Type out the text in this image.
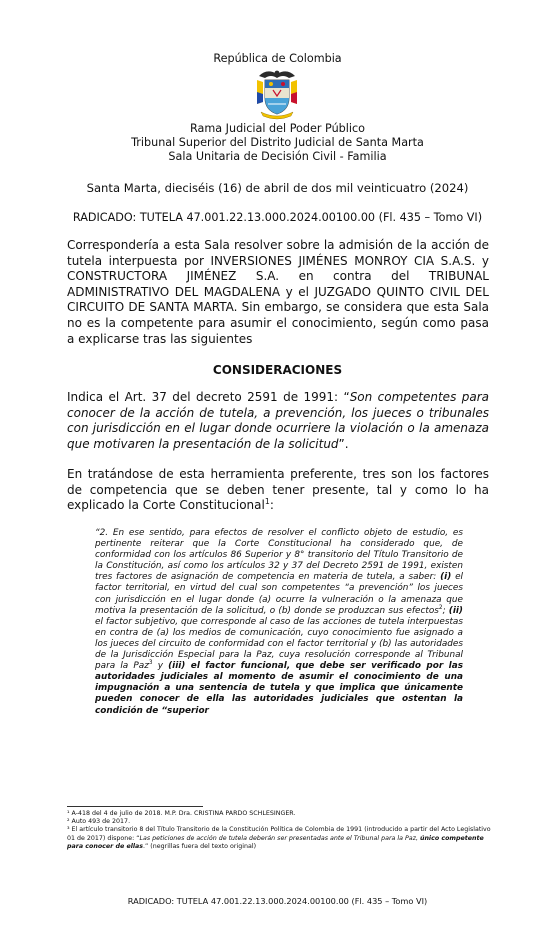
República de Colombia
Rama Judicial del Poder Público
Tribunal Superior del Distrito Judicial de Santa Marta
Sala Unitaria de Decisión Civil - Familia
Santa Marta, dieciséis (16) de abril de dos mil veinticuatro (2024)
RADICADO: TUTELA 47.001.22.13.000.2024.00100.00 (Fl. 435 – Tomo VI)
Correspondería a esta Sala resolver sobre la admisión de la acción de tutela interpuesta por INVERSIONES JIMÉNES MONROY CIA S.A.S. y CONSTRUCTORA JIMÉNEZ S.A. en contra del TRIBUNAL ADMINISTRATIVO DEL MAGDALENA y el JUZGADO QUINTO CIVIL DEL CIRCUITO DE SANTA MARTA. Sin embargo, se considera que esta Sala no es la competente para asumir el conocimiento, según como pasa a explicarse tras las siguientes
CONSIDERACIONES
Indica el Art. 37 del decreto 2591 de 1991: “Son competentes para conocer de la acción de tutela, a prevención, los jueces o tribunales con jurisdicción en el lugar donde ocurriere la violación o la amenaza que motivaren la presentación de la solicitud”.
En tratándose de esta herramienta preferente, tres son los factores de competencia que se deben tener presente, tal y como lo ha explicado la Corte Constitucional$^1$:
“2. En ese sentido, para efectos de resolver el conflicto objeto de estudio, es pertinente reiterar que la Corte Constitucional ha considerado que, de conformidad con los artículos 86 Superior y 8° transitorio del Título Transitorio de la Constitución, así como los artículos 32 y 37 del Decreto 2591 de 1991, existen tres factores de asignación de competencia en materia de tutela, a saber: (i) el factor territorial, en virtud del cual son competentes “a prevención” los jueces con jurisdicción en el lugar donde (a) ocurre la vulneración o la amenaza que motiva la presentación de la solicitud, o (b) donde se produzcan sus efectos$^2$; (ii) el factor subjetivo, que corresponde al caso de las acciones de tutela interpuestas en contra de (a) los medios de comunicación, cuyo conocimiento fue asignado a los jueces del circuito de conformidad con el factor territorial y (b) las autoridades de la Jurisdicción Especial para la Paz, cuya resolución corresponde al Tribunal para la Paz$^3$ y (iii) el factor funcional, que debe ser verificado por las autoridades judiciales al momento de asumir el conocimiento de una impugnación a una sentencia de tutela y que implica que únicamente pueden conocer de ella las autoridades judiciales que ostentan la condición de “superior
¹ A-418 del 4 de julio de 2018. M.P. Dra. CRISTINA PARDO SCHLESINGER.
² Auto 493 de 2017.
³ El artículo transitorio 8 del Título Transitorio de la Constitución Política de Colombia de 1991 (introducido a partir del Acto Legislativo 01 de 2017) dispone: “Las peticiones de acción de tutela deberán ser presentadas ante el Tribunal para la Paz, único competente para conocer de ellas.” (negrillas fuera del texto original)
RADICADO: TUTELA 47.001.22.13.000.2024.00100.00 (Fl. 435 – Tomo VI)
